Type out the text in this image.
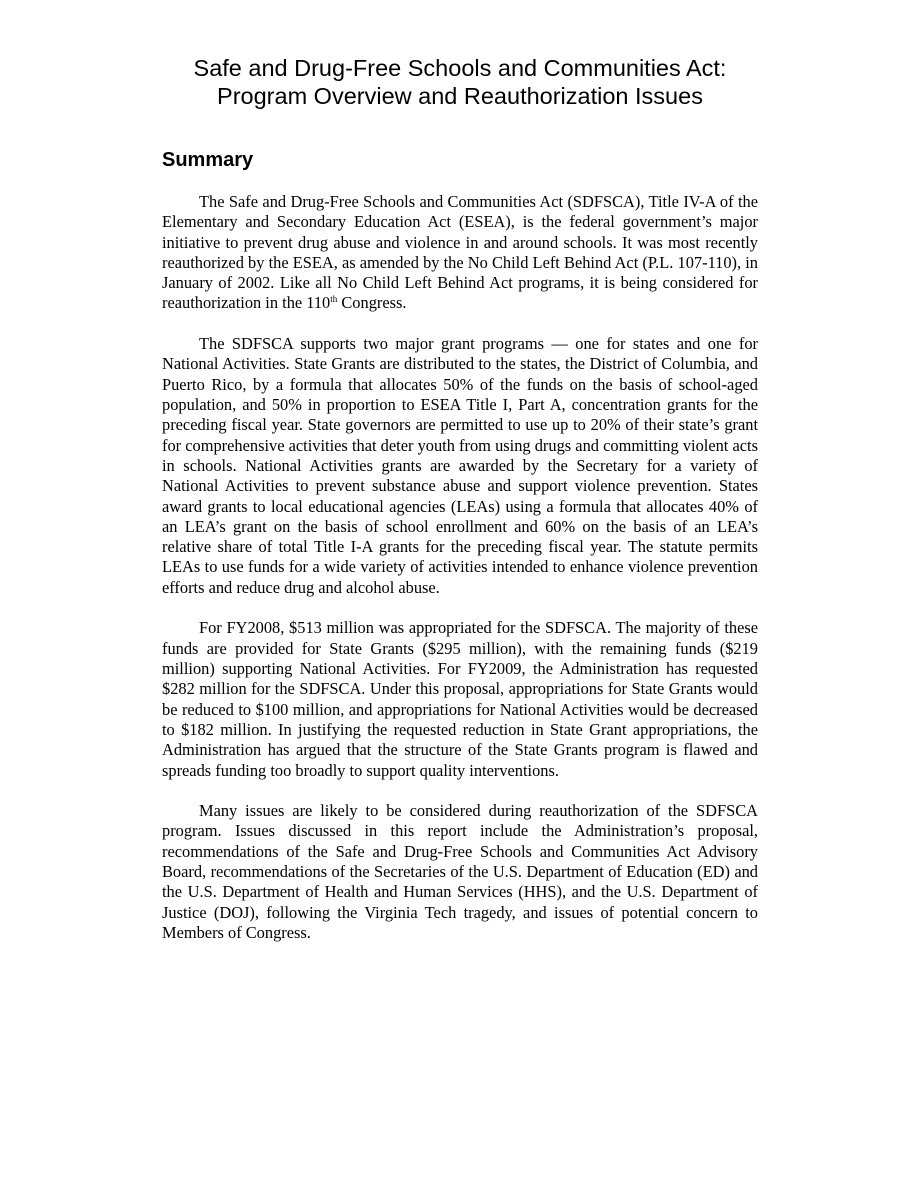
Safe and Drug-Free Schools and Communities Act:
Program Overview and Reauthorization Issues
Summary

The Safe and Drug-Free Schools and Communities Act (SDFSCA), Title IV-A of the Elementary and Secondary Education Act (ESEA), is the federal government’s major initiative to prevent drug abuse and violence in and around schools. It was most recently reauthorized by the ESEA, as amended by the No Child Left Behind Act (P.L. 107-110), in January of 2002. Like all No Child Left Behind Act programs, it is being considered for reauthorization in the 110th Congress.

The SDFSCA supports two major grant programs — one for states and one for National Activities. State Grants are distributed to the states, the District of Columbia, and Puerto Rico, by a formula that allocates 50% of the funds on the basis of school-aged population, and 50% in proportion to ESEA Title I, Part A, concentration grants for the preceding fiscal year. State governors are permitted to use up to 20% of their state’s grant for comprehensive activities that deter youth from using drugs and committing violent acts in schools. National Activities grants are awarded by the Secretary for a variety of National Activities to prevent substance abuse and support violence prevention. States award grants to local educational agencies (LEAs) using a formula that allocates 40% of an LEA’s grant on the basis of school enrollment and 60% on the basis of an LEA’s relative share of total Title I-A grants for the preceding fiscal year. The statute permits LEAs to use funds for a wide variety of activities intended to enhance violence prevention efforts and reduce drug and alcohol abuse.

For FY2008, $513 million was appropriated for the SDFSCA. The majority of these funds are provided for State Grants ($295 million), with the remaining funds ($219 million) supporting National Activities. For FY2009, the Administration has requested $282 million for the SDFSCA. Under this proposal, appropriations for State Grants would be reduced to $100 million, and appropriations for National Activities would be decreased to $182 million. In justifying the requested reduction in State Grant appropriations, the Administration has argued that the structure of the State Grants program is flawed and spreads funding too broadly to support quality interventions.

Many issues are likely to be considered during reauthorization of the SDFSCA program. Issues discussed in this report include the Administration’s proposal, recommendations of the Safe and Drug-Free Schools and Communities Act Advisory Board, recommendations of the Secretaries of the U.S. Department of Education (ED) and the U.S. Department of Health and Human Services (HHS), and the U.S. Department of Justice (DOJ), following the Virginia Tech tragedy, and issues of potential concern to Members of Congress.
